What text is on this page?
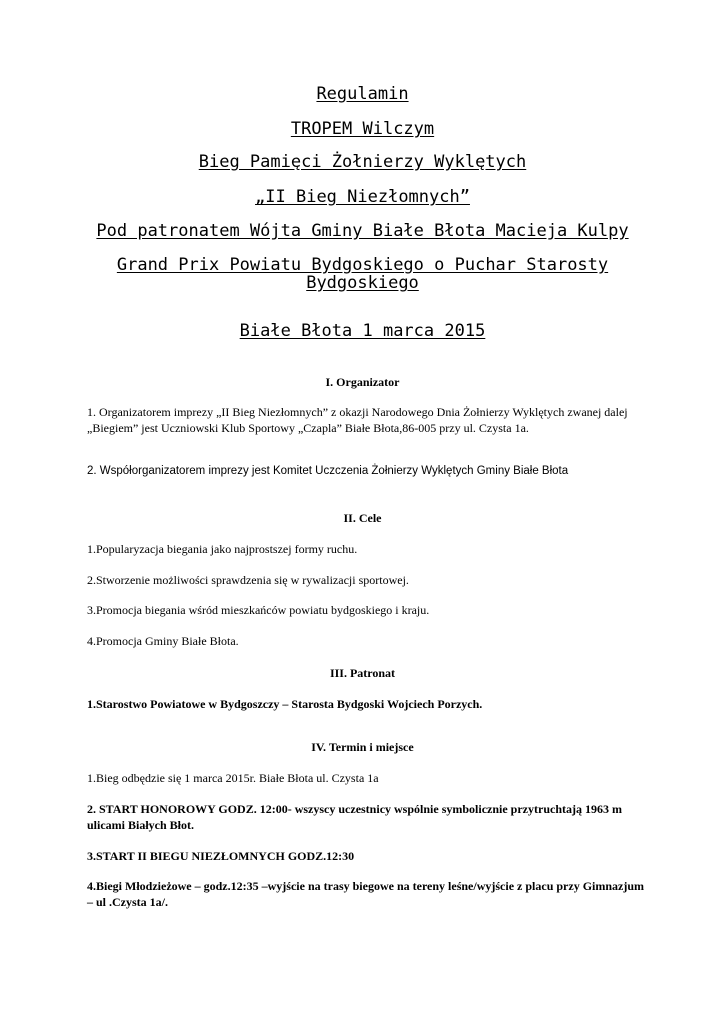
Regulamin
TROPEM Wilczym
Bieg Pamięci Żołnierzy Wyklętych
„II Bieg Niezłomnych”
Pod patronatem Wójta Gminy Białe Błota Macieja Kulpy
Grand Prix Powiatu Bydgoskiego o Puchar Starosty Bydgoskiego
Białe Błota 1 marca 2015

I. Organizator

1. Organizatorem imprezy „II Bieg Niezłomnych” z okazji Narodowego Dnia Żołnierzy Wyklętych zwanej dalej „Biegiem” jest Uczniowski Klub Sportowy „Czapla” Białe Błota,86-005 przy ul. Czysta 1a.

2. Współorganizatorem imprezy jest Komitet Uczczenia Żołnierzy Wyklętych Gminy Białe Błota

II. Cele

1.Popularyzacja biegania jako najprostszej formy ruchu.

2.Stworzenie możliwości sprawdzenia się w rywalizacji sportowej.

3.Promocja biegania wśród mieszkańców powiatu bydgoskiego i kraju.

4.Promocja Gminy Białe Błota.

III. Patronat

1.Starostwo Powiatowe w Bydgoszczy – Starosta Bydgoski Wojciech Porzych.

IV. Termin i miejsce

1.Bieg odbędzie się 1 marca 2015r. Białe Błota ul. Czysta 1a

2. START HONOROWY GODZ. 12:00- wszyscy uczestnicy wspólnie symbolicznie przytruchtają 1963 m ulicami Białych Błot.

3.START II BIEGU NIEZŁOMNYCH GODZ.12:30

4.Biegi Młodzieżowe – godz.12:35 –wyjście na trasy biegowe na tereny leśne/wyjście z placu przy Gimnazjum – ul .Czysta 1a/.
